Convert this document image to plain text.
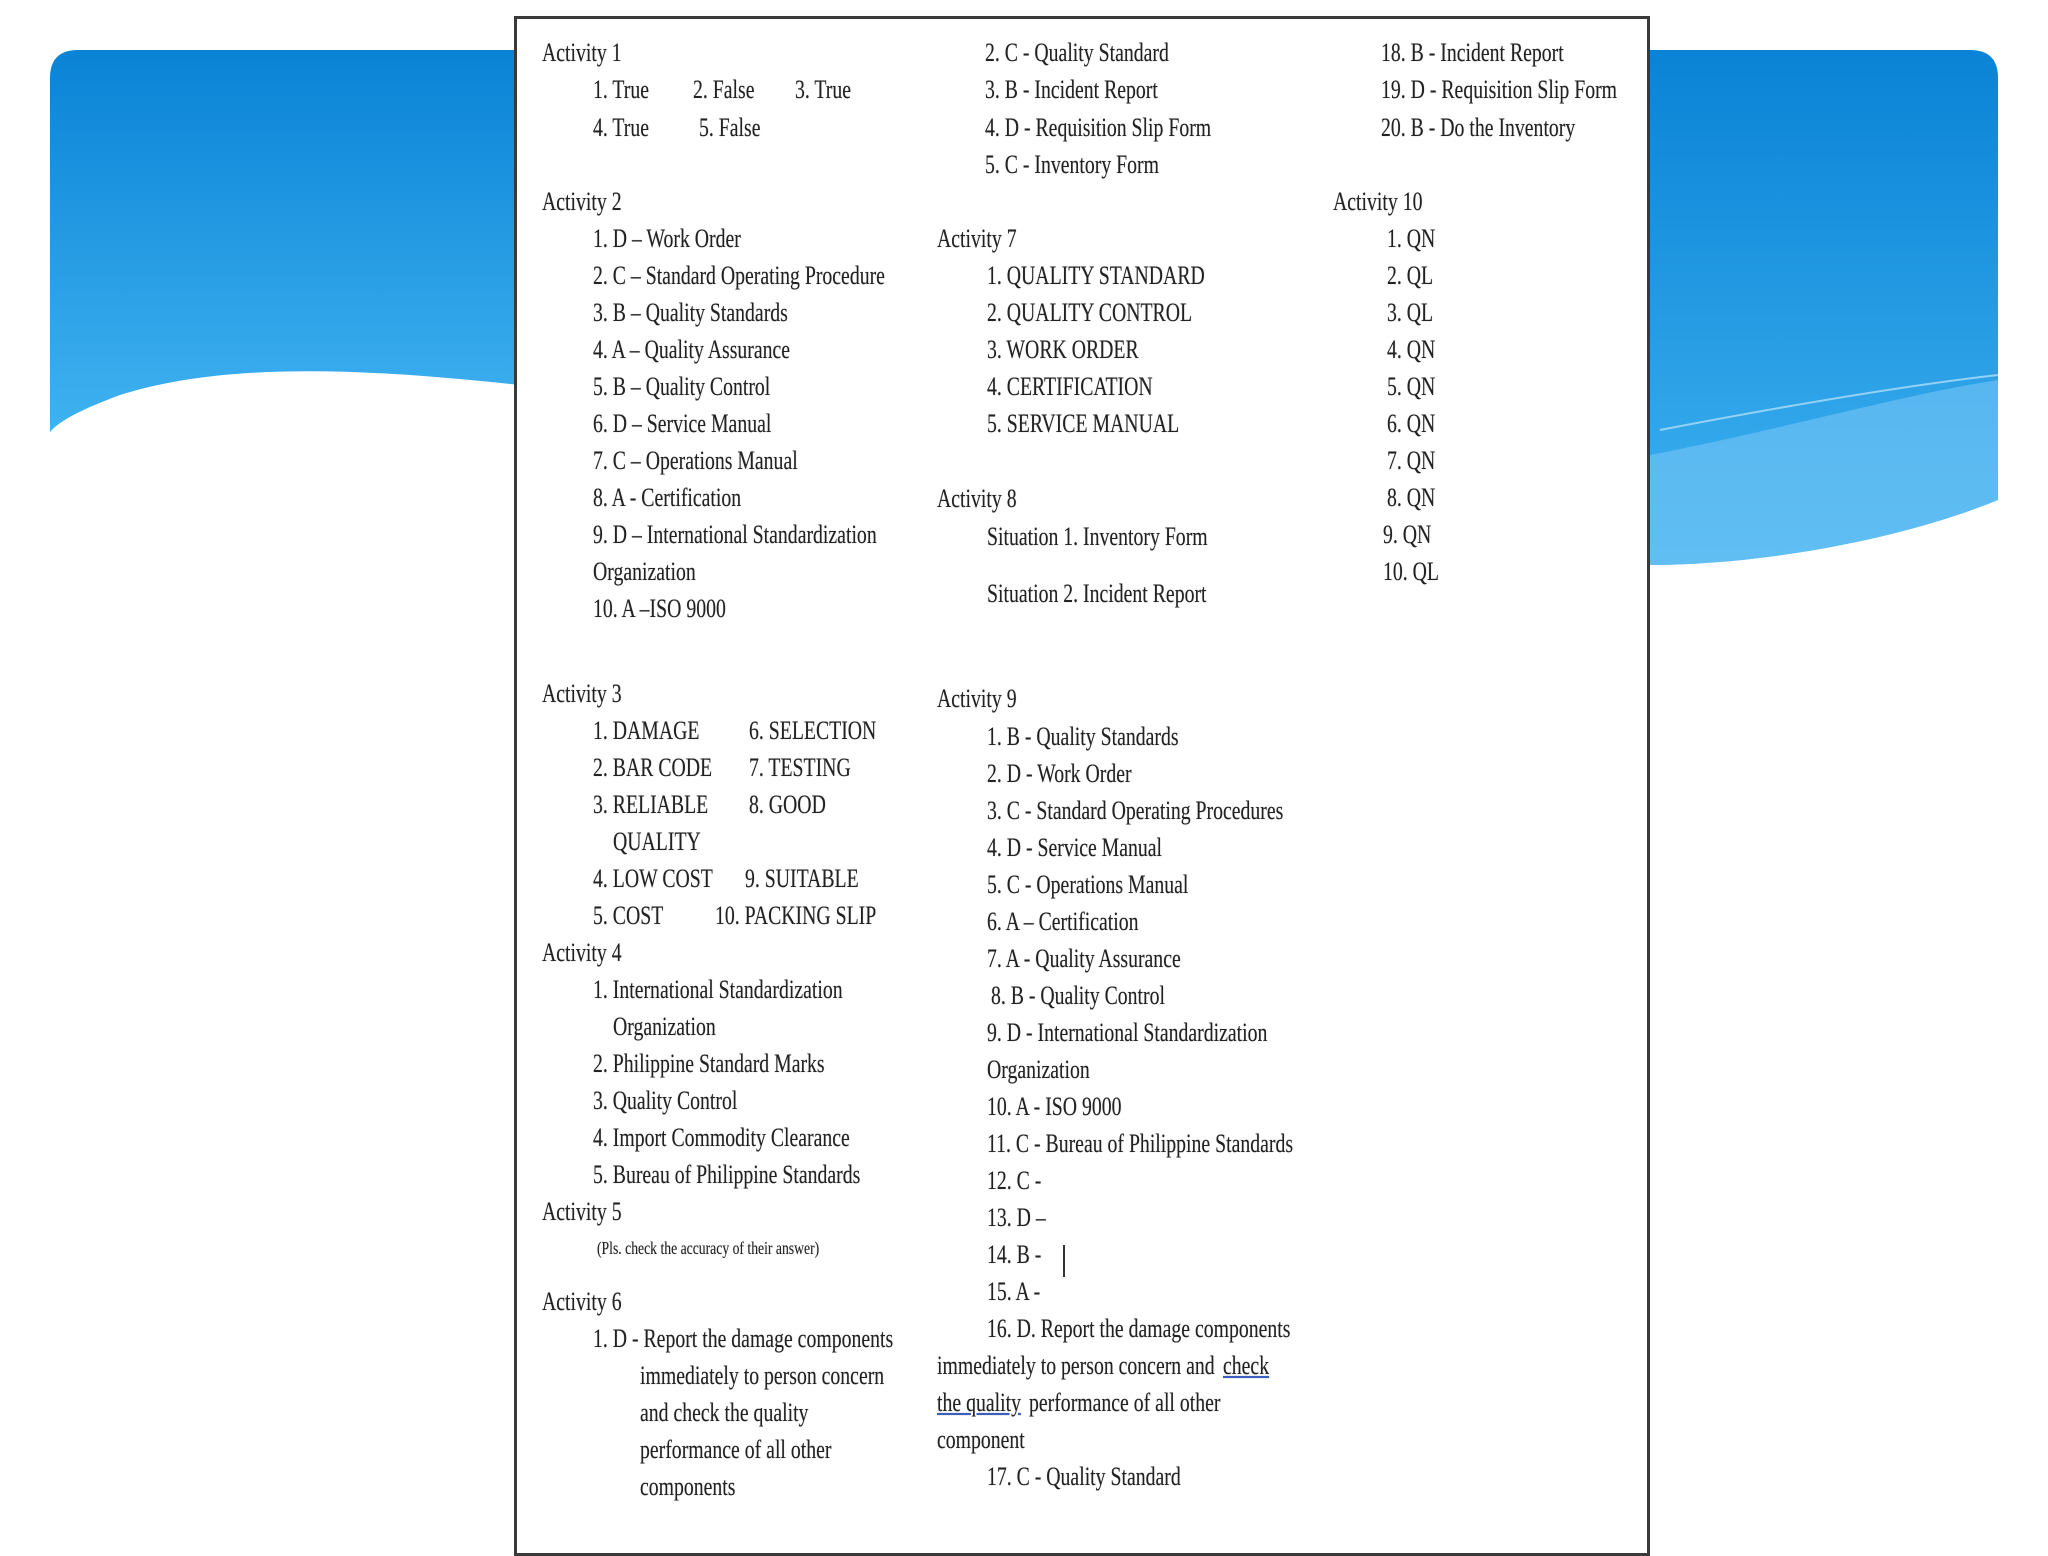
Activity 1
1. True 2. False 3. True
4. True 5. False
Activity 2
1. D – Work Order
2. C – Standard Operating Procedure
3. B – Quality Standards
4. A – Quality Assurance
5. B – Quality Control
6. D – Service Manual
7. C – Operations Manual
8. A - Certification
9. D – International Standardization
Organization
10. A –ISO 9000
Activity 3
1. DAMAGE
2. BAR CODE
3. RELIABLE
QUALITY
4. LOW COST
5. COST
6. SELECTION
7. TESTING
8. GOOD
9. SUITABLE
10. PACKING SLIP
Activity 4
1. International Standardization
Organization
2. Philippine Standard Marks
3. Quality Control
4. Import Commodity Clearance
5. Bureau of Philippine Standards
Activity 5
(Pls. check the accuracy of their answer)
Activity 6
1. D - Report the damage components
immediately to person concern
and check the quality
performance of all other
components
2. C - Quality Standard
3. B - Incident Report
4. D - Requisition Slip Form
5. C - Inventory Form
Activity 7
1. QUALITY STANDARD
2. QUALITY CONTROL
3. WORK ORDER
4. CERTIFICATION
5. SERVICE MANUAL
Activity 8
Situation 1. Inventory Form
Situation 2. Incident Report
Activity 9
1. B - Quality Standards
2. D - Work Order
3. C - Standard Operating Procedures
4. D - Service Manual
5. C - Operations Manual
6. A – Certification
7. A - Quality Assurance
8. B - Quality Control
9. D - International Standardization
Organization
10. A - ISO 9000
11. C - Bureau of Philippine Standards
12. C -
13. D –
14. B -
15. A -
16. D. Report the damage components
immediately to person concern and check
the quality performance of all other
component
17. C - Quality Standard
18. B - Incident Report
19. D - Requisition Slip Form
20. B - Do the Inventory
Activity 10
1. QN
2. QL
3. QL
4. QN
5. QN
6. QN
7. QN
8. QN
9. QN
10. QL
